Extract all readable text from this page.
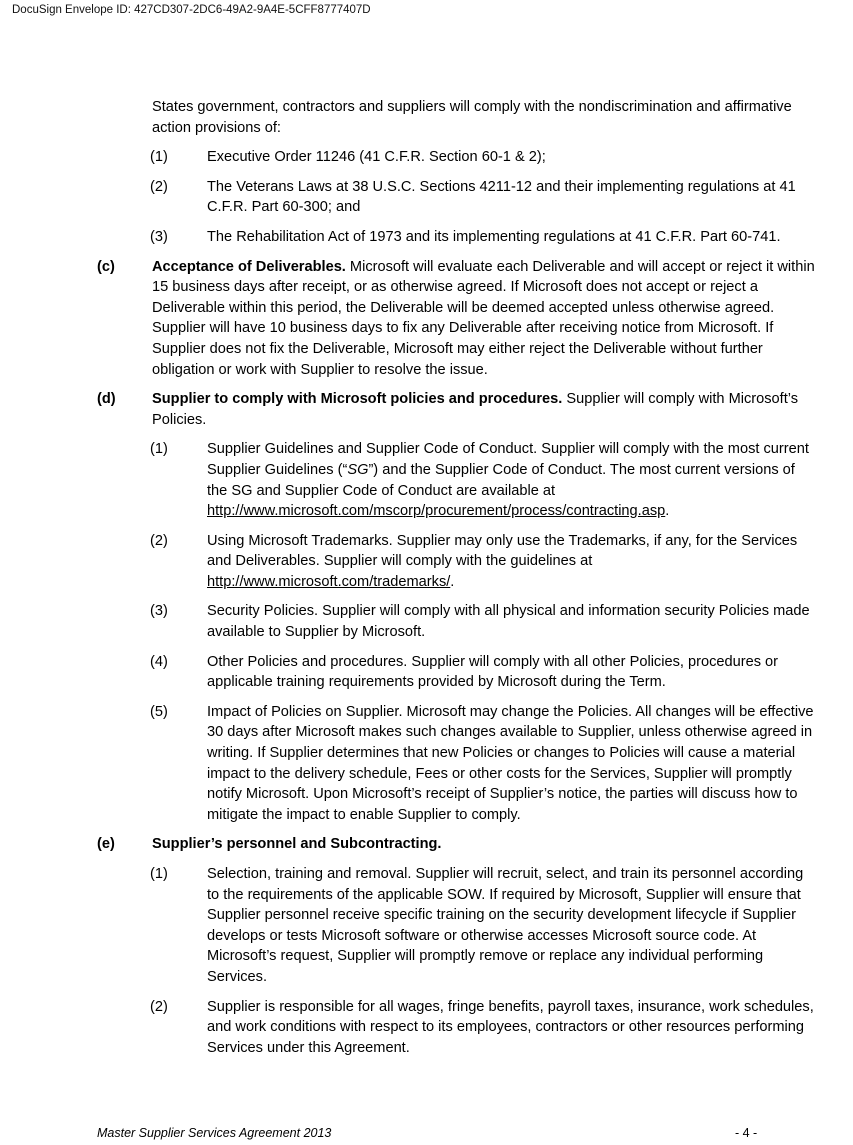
DocuSign Envelope ID: 427CD307-2DC6-49A2-9A4E-5CFF8777407D
States government, contractors and suppliers will comply with the nondiscrimination and affirmative action provisions of:
(1)	Executive Order 11246 (41 C.F.R. Section 60-1 & 2);
(2)	The Veterans Laws at 38 U.S.C. Sections 4211-12 and their implementing regulations at 41 C.F.R. Part 60-300; and
(3)	The Rehabilitation Act of 1973 and its implementing regulations at 41 C.F.R. Part 60-741.
(c)	Acceptance of Deliverables. Microsoft will evaluate each Deliverable and will accept or reject it within 15 business days after receipt, or as otherwise agreed. If Microsoft does not accept or reject a Deliverable within this period, the Deliverable will be deemed accepted unless otherwise agreed. Supplier will have 10 business days to fix any Deliverable after receiving notice from Microsoft. If Supplier does not fix the Deliverable, Microsoft may either reject the Deliverable without further obligation or work with Supplier to resolve the issue.
(d) Supplier to comply with Microsoft policies and procedures. Supplier will comply with Microsoft’s Policies.
(1)	Supplier Guidelines and Supplier Code of Conduct. Supplier will comply with the most current Supplier Guidelines (“SG”) and the Supplier Code of Conduct. The most current versions of the SG and Supplier Code of Conduct are available at http://www.microsoft.com/mscorp/procurement/process/contracting.asp.
(2)	Using Microsoft Trademarks. Supplier may only use the Trademarks, if any, for the Services and Deliverables. Supplier will comply with the guidelines at http://www.microsoft.com/trademarks/.
(3)	Security Policies. Supplier will comply with all physical and information security Policies made available to Supplier by Microsoft.
(4)	Other Policies and procedures. Supplier will comply with all other Policies, procedures or applicable training requirements provided by Microsoft during the Term.
(5)	Impact of Policies on Supplier. Microsoft may change the Policies. All changes will be effective 30 days after Microsoft makes such changes available to Supplier, unless otherwise agreed in writing. If Supplier determines that new Policies or changes to Policies will cause a material impact to the delivery schedule, Fees or other costs for the Services, Supplier will promptly notify Microsoft. Upon Microsoft’s receipt of Supplier’s notice, the parties will discuss how to mitigate the impact to enable Supplier to comply.
(e)	Supplier’s personnel and Subcontracting.
(1)	Selection, training and removal. Supplier will recruit, select, and train its personnel according to the requirements of the applicable SOW. If required by Microsoft, Supplier will ensure that Supplier personnel receive specific training on the security development lifecycle if Supplier develops or tests Microsoft software or otherwise accesses Microsoft source code. At Microsoft’s request, Supplier will promptly remove or replace any individual performing Services.
(2)	Supplier is responsible for all wages, fringe benefits, payroll taxes, insurance, work schedules, and work conditions with respect to its employees, contractors or other resources performing Services under this Agreement.
Master Supplier Services Agreement 2013	- 4 -
